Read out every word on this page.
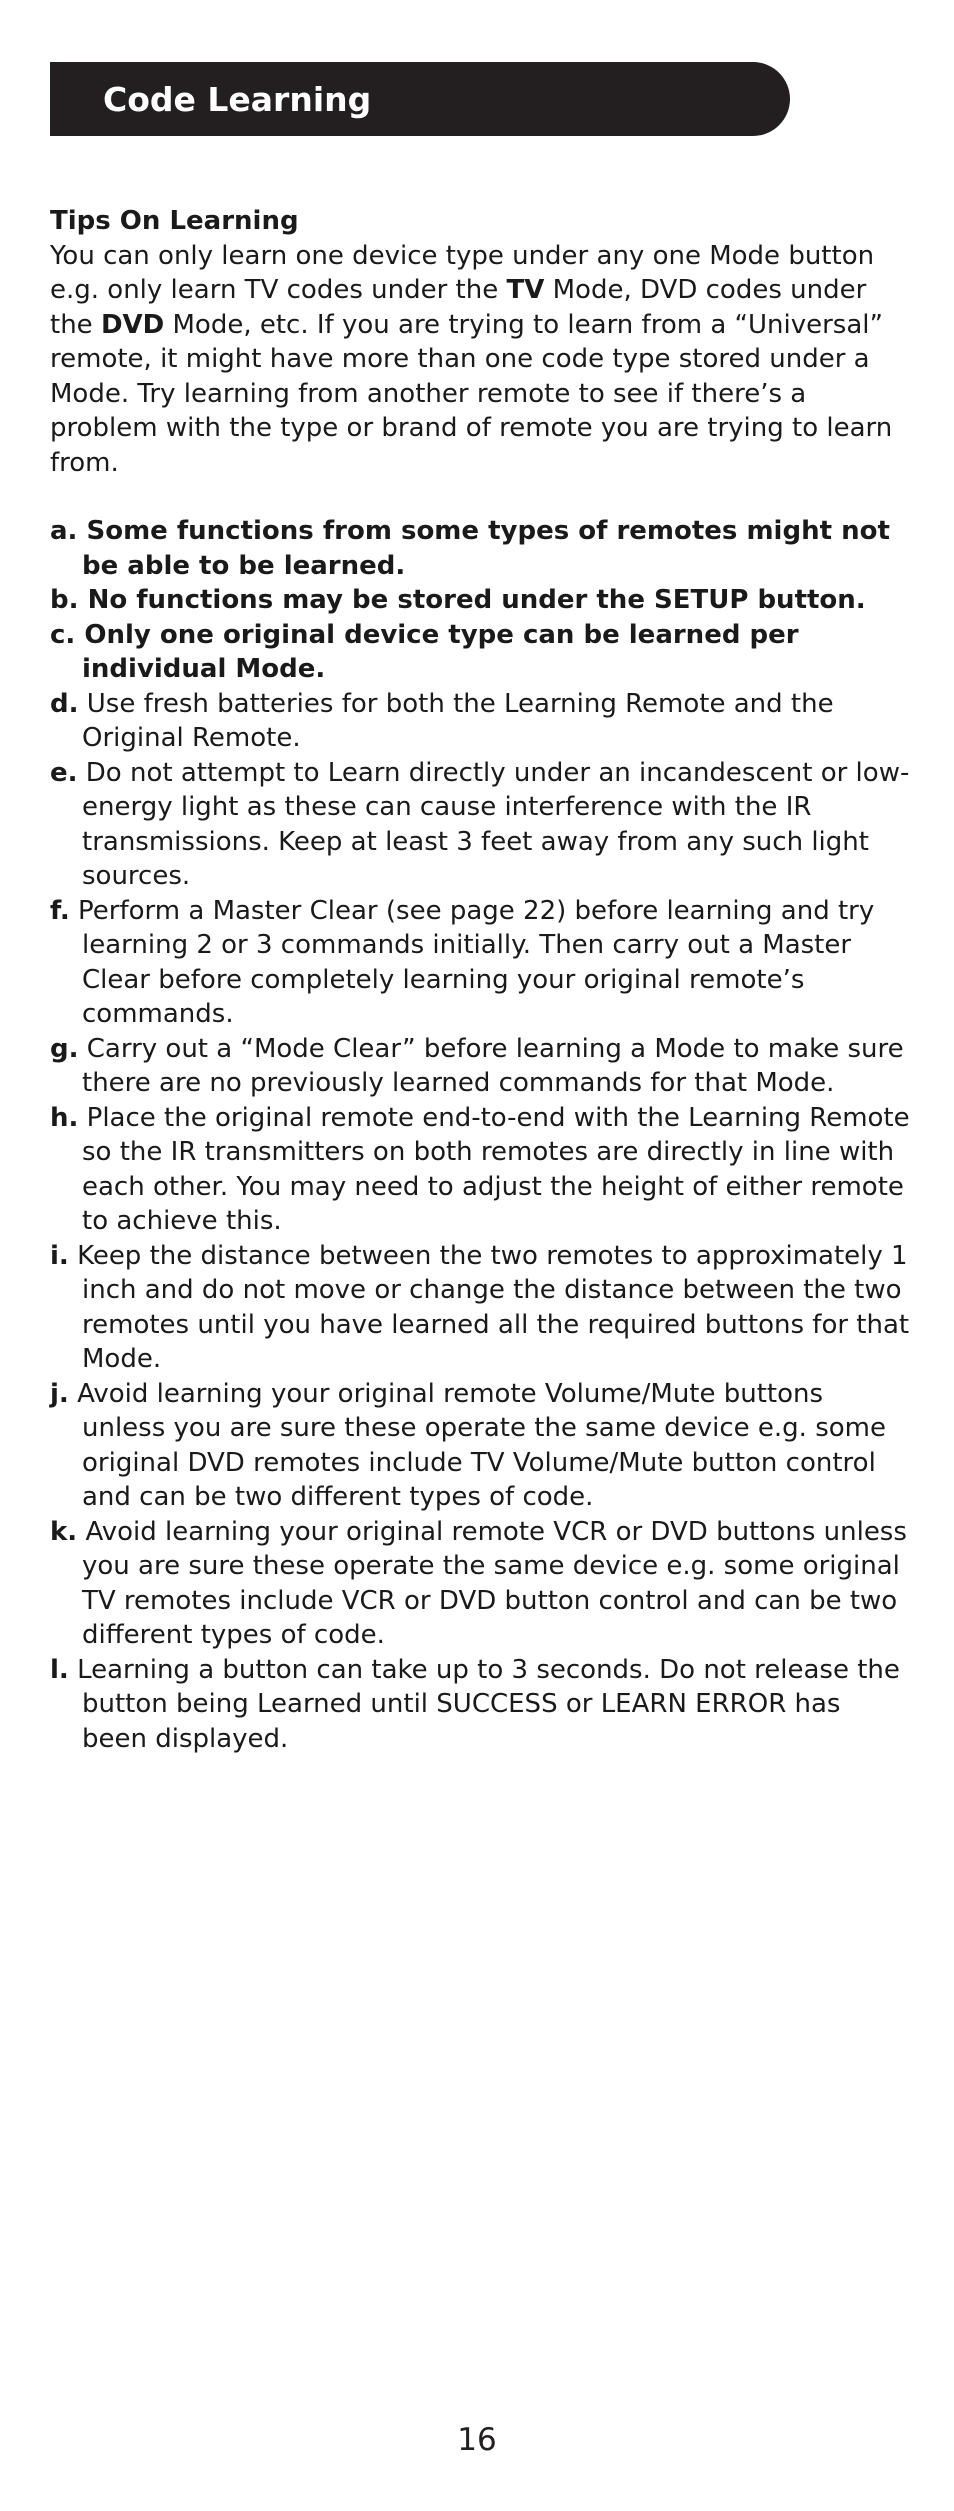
Code Learning

Tips On Learning

You can only learn one device type under any one Mode button e.g. only learn TV codes under the TV Mode, DVD codes under the DVD Mode, etc. If you are trying to learn from a “Universal” remote, it might have more than one code type stored under a Mode. Try learning from another remote to see if there’s a problem with the type or brand of remote you are trying to learn from.

a. Some functions from some types of remotes might not be able to be learned.
b. No functions may be stored under the SETUP button.
c. Only one original device type can be learned per individual Mode.
d. Use fresh batteries for both the Learning Remote and the Original Remote.
e. Do not attempt to Learn directly under an incandescent or low-energy light as these can cause interference with the IR transmissions. Keep at least 3 feet away from any such light sources.
f. Perform a Master Clear (see page 22) before learning and try learning 2 or 3 commands initially. Then carry out a Master Clear before completely learning your original remote’s commands.
g. Carry out a “Mode Clear” before learning a Mode to make sure there are no previously learned commands for that Mode.
h. Place the original remote end-to-end with the Learning Remote so the IR transmitters on both remotes are directly in line with each other. You may need to adjust the height of either remote to achieve this.
i. Keep the distance between the two remotes to approximately 1 inch and do not move or change the distance between the two remotes until you have learned all the required buttons for that Mode.
j. Avoid learning your original remote Volume/Mute buttons unless you are sure these operate the same device e.g. some original DVD remotes include TV Volume/Mute button control and can be two different types of code.
k. Avoid learning your original remote VCR or DVD buttons unless you are sure these operate the same device e.g. some original TV remotes include VCR or DVD button control and can be two different types of code.
l. Learning a button can take up to 3 seconds. Do not release the button being Learned until SUCCESS or LEARN ERROR has been displayed.
16
